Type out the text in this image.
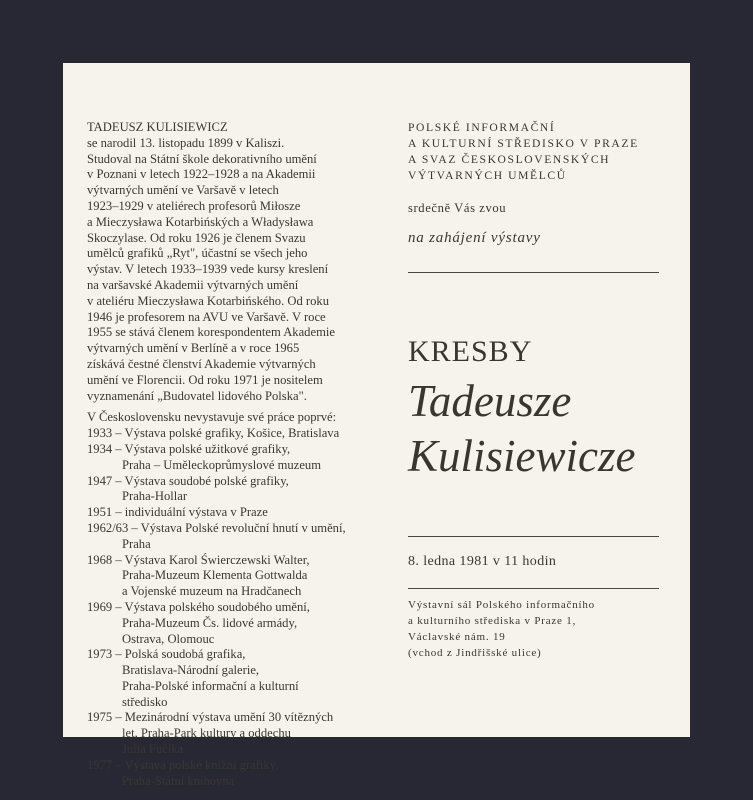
TADEUSZ KULISIEWICZ
se narodil 13. listopadu 1899 v Kaliszi.
Studoval na Státní škole dekorativního umění
v Poznani v letech 1922–1928 a na Akademii
výtvarných umění ve Varšavě v letech
1923–1929 v ateliérech profesorů Miłosze
a Mieczysława Kotarbińských a Władysława
Skoczylase. Od roku 1926 je členem Svazu
umělců grafiků „Ryt", účastní se všech jeho
výstav. V letech 1933–1939 vede kursy kreslení
na varšavské Akademii výtvarných umění
v ateliéru Mieczysława Kotarbińského. Od roku
1946 je profesorem na AVU ve Varšavě. V roce
1955 se stává členem korespondentem Akademie
výtvarných umění v Berlíně a v roce 1965
získává čestné členství Akademie výtvarných
umění ve Florencii. Od roku 1971 je nositelem
vyznamenání „Budovatel lidového Polska".
V Československu nevystavuje své práce poprvé:
1933 – Výstava polské grafiky, Košice, Bratislava
1934 – Výstava polské užitkové grafiky,
Praha – Uměleckoprůmyslové muzeum
1947 – Výstava soudobé polské grafiky,
Praha-Hollar
1951 – individuální výstava v Praze
1962/63 – Výstava Polské revoluční hnutí v umění,
Praha
1968 – Výstava Karol Świerczewski Walter,
Praha-Muzeum Klementa Gottwalda
a Vojenské muzeum na Hradčanech
1969 – Výstava polského soudobého umění,
Praha-Muzeum Čs. lidové armády,
Ostrava, Olomouc
1973 – Polská soudobá grafika,
Bratislava-Národní galerie,
Praha-Polské informační a kulturní
středisko
1975 – Mezinárodní výstava umění 30 vítězných
let, Praha-Park kultury a oddechu
Julia Fučíka
1977 – Výstava polské knižní grafiky,
Praha-Státní knihovna
POLSKÉ INFORMAČNÍ
A KULTURNÍ STŘEDISKO V PRAZE
A SVAZ ČESKOSLOVENSKÝCH
VÝTVARNÝCH UMĚLCŮ
srdečně Vás zvou
na zahájení výstavy
KRESBY
Tadeusze
Kulisiewicze
8. ledna 1981 v 11 hodin
Výstavní sál Polského informačního
a kulturního střediska v Praze 1,
Václavské nám. 19
(vchod z Jindřišské ulice)
